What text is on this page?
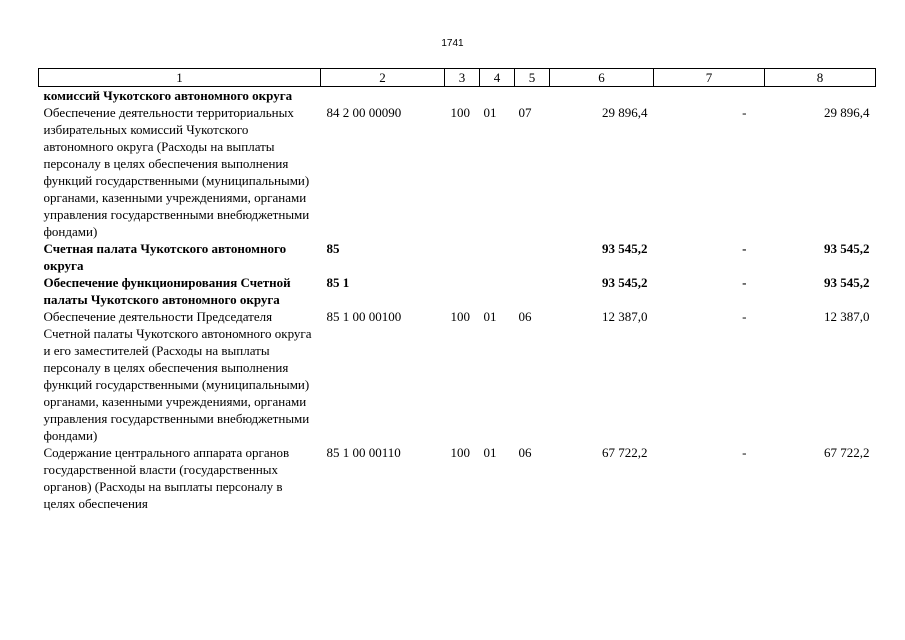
1741
1	2	3	4	5	6	7	8
комиссий Чукотского автономного округа							
Обеспечение деятельности территориальных избирательных комиссий Чукотского автономного округа (Расходы на выплаты персоналу в целях обеспечения выполнения функций государственными (муниципальными) органами, казенными учреждениями, органами управления государственными внебюджетными фондами)	84 2 00 00090	100	01	07	29 896,4	-	29 896,4
Счетная палата Чукотского автономного округа	85				93 545,2	-	93 545,2
Обеспечение функционирования Счетной палаты Чукотского автономного округа	85 1				93 545,2	-	93 545,2
Обеспечение деятельности Председателя Счетной палаты Чукотского автономного округа и его заместителей (Расходы на выплаты персоналу в целях обеспечения выполнения функций государственными (муниципальными) органами, казенными учреждениями, органами управления государственными внебюджетными фондами)	85 1 00 00100	100	01	06	12 387,0	-	12 387,0
Содержание центрального аппарата органов государственной власти (государственных органов) (Расходы на выплаты персоналу в целях обеспечения	85 1 00 00110	100	01	06	67 722,2	-	67 722,2
